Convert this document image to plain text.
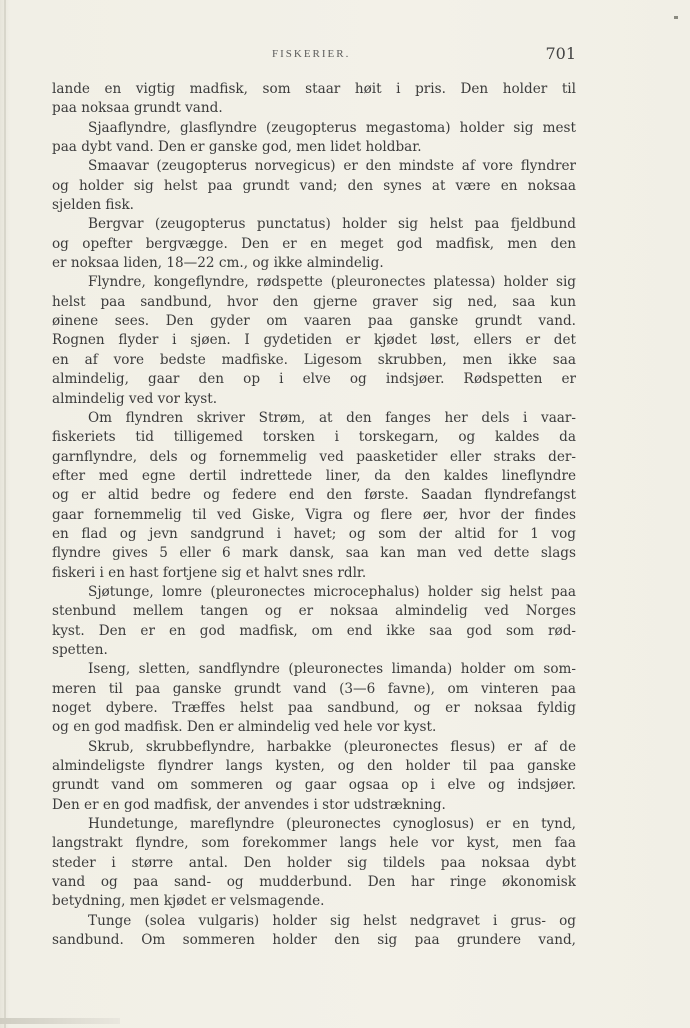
FISKERIER.	701
lande en vigtig madfisk, som staar høit i pris. Den holder til
paa noksaa grundt vand.
Sjaaflyndre, glasflyndre (zeugopterus megastoma) holder sig mest
paa dybt vand. Den er ganske god, men lidet holdbar.
Smaavar (zeugopterus norvegicus) er den mindste af vore flyndrer
og holder sig helst paa grundt vand; den synes at være en noksaa
sjelden fisk.
Bergvar (zeugopterus punctatus) holder sig helst paa fjeldbund
og opefter bergvægge. Den er en meget god madfisk, men den
er noksaa liden, 18—22 cm., og ikke almindelig.
Flyndre, kongeflyndre, rødspette (pleuronectes platessa) holder sig
helst paa sandbund, hvor den gjerne graver sig ned, saa kun
øinene sees. Den gyder om vaaren paa ganske grundt vand.
Rognen flyder i sjøen. I gydetiden er kjødet løst, ellers er det
en af vore bedste madfiske. Ligesom skrubben, men ikke saa
almindelig, gaar den op i elve og indsjøer. Rødspetten er
almindelig ved vor kyst.
Om flyndren skriver Strøm, at den fanges her dels i vaar-
fiskeriets tid tilligemed torsken i torskegarn, og kaldes da
garnflyndre, dels og fornemmelig ved paasketider eller straks der-
efter med egne dertil indrettede liner, da den kaldes lineflyndre
og er altid bedre og federe end den første. Saadan flyndrefangst
gaar fornemmelig til ved Giske, Vigra og flere øer, hvor der findes
en flad og jevn sandgrund i havet; og som der altid for 1 vog
flyndre gives 5 eller 6 mark dansk, saa kan man ved dette slags
fiskeri i en hast fortjene sig et halvt snes rdlr.
Sjøtunge, lomre (pleuronectes microcephalus) holder sig helst paa
stenbund mellem tangen og er noksaa almindelig ved Norges
kyst. Den er en god madfisk, om end ikke saa god som rød-
spetten.
Iseng, sletten, sandflyndre (pleuronectes limanda) holder om som-
meren til paa ganske grundt vand (3—6 favne), om vinteren paa
noget dybere. Træffes helst paa sandbund, og er noksaa fyldig
og en god madfisk. Den er almindelig ved hele vor kyst.
Skrub, skrubbeflyndre, harbakke (pleuronectes flesus) er af de
almindeligste flyndrer langs kysten, og den holder til paa ganske
grundt vand om sommeren og gaar ogsaa op i elve og indsjøer.
Den er en god madfisk, der anvendes i stor udstrækning.
Hundetunge, mareflyndre (pleuronectes cynoglosus) er en tynd,
langstrakt flyndre, som forekommer langs hele vor kyst, men faa
steder i større antal. Den holder sig tildels paa noksaa dybt
vand og paa sand- og mudderbund. Den har ringe økonomisk
betydning, men kjødet er velsmagende.
Tunge (solea vulgaris) holder sig helst nedgravet i grus- og
sandbund. Om sommeren holder den sig paa grundere vand,
